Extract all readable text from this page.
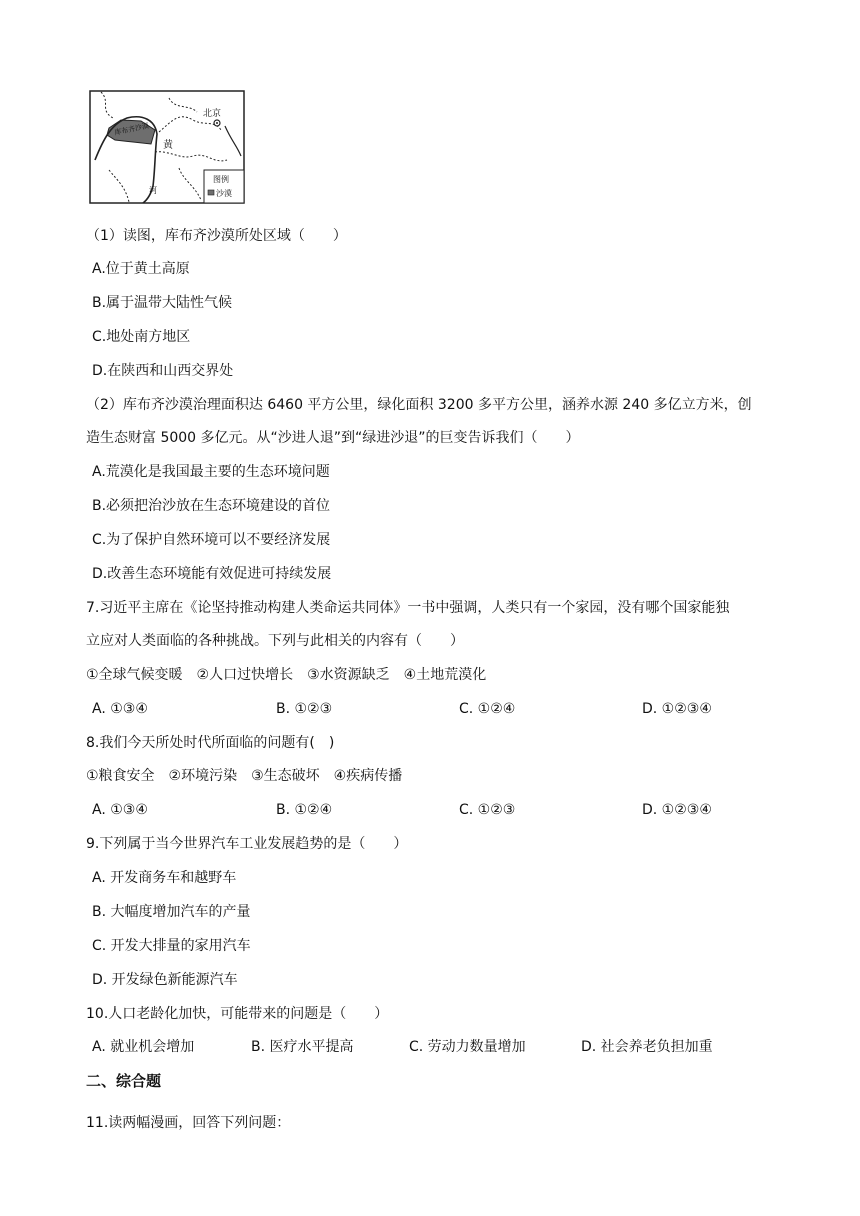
北京
库布齐沙漠
黄
河
图例
沙漠
（1）读图，库布齐沙漠所处区域（　　）
A.位于黄土高原
B.属于温带大陆性气候
C.地处南方地区
D.在陕西和山西交界处
（2）库布齐沙漠治理面积达 6460 平方公里，绿化面积 3200 多平方公里，涵养水源 240 多亿立方米，创
造生态财富 5000 多亿元。从“沙进人退”到“绿进沙退”的巨变告诉我们（　　）
A.荒漠化是我国最主要的生态环境问题
B.必须把治沙放在生态环境建设的首位
C.为了保护自然环境可以不要经济发展
D.改善生态环境能有效促进可持续发展
7.习近平主席在《论坚持推动构建人类命运共同体》一书中强调，人类只有一个家园，没有哪个国家能独
立应对人类面临的各种挑战。下列与此相关的内容有（　　）
①全球气候变暖　②人口过快增长　③水资源缺乏　④土地荒漠化
A. ①③④	B. ①②③	C. ①②④	D. ①②③④
8.我们今天所处时代所面临的问题有(　)
①粮食安全　②环境污染　③生态破坏　④疾病传播
A. ①③④	B. ①②④	C. ①②③	D. ①②③④
9.下列属于当今世界汽车工业发展趋势的是（　　）
A. 开发商务车和越野车
B. 大幅度增加汽车的产量
C. 开发大排量的家用汽车
D. 开发绿色新能源汽车
10.人口老龄化加快，可能带来的问题是（　　）
A. 就业机会增加	B. 医疗水平提高	C. 劳动力数量增加	D. 社会养老负担加重
二、综合题
11.读两幅漫画，回答下列问题：
